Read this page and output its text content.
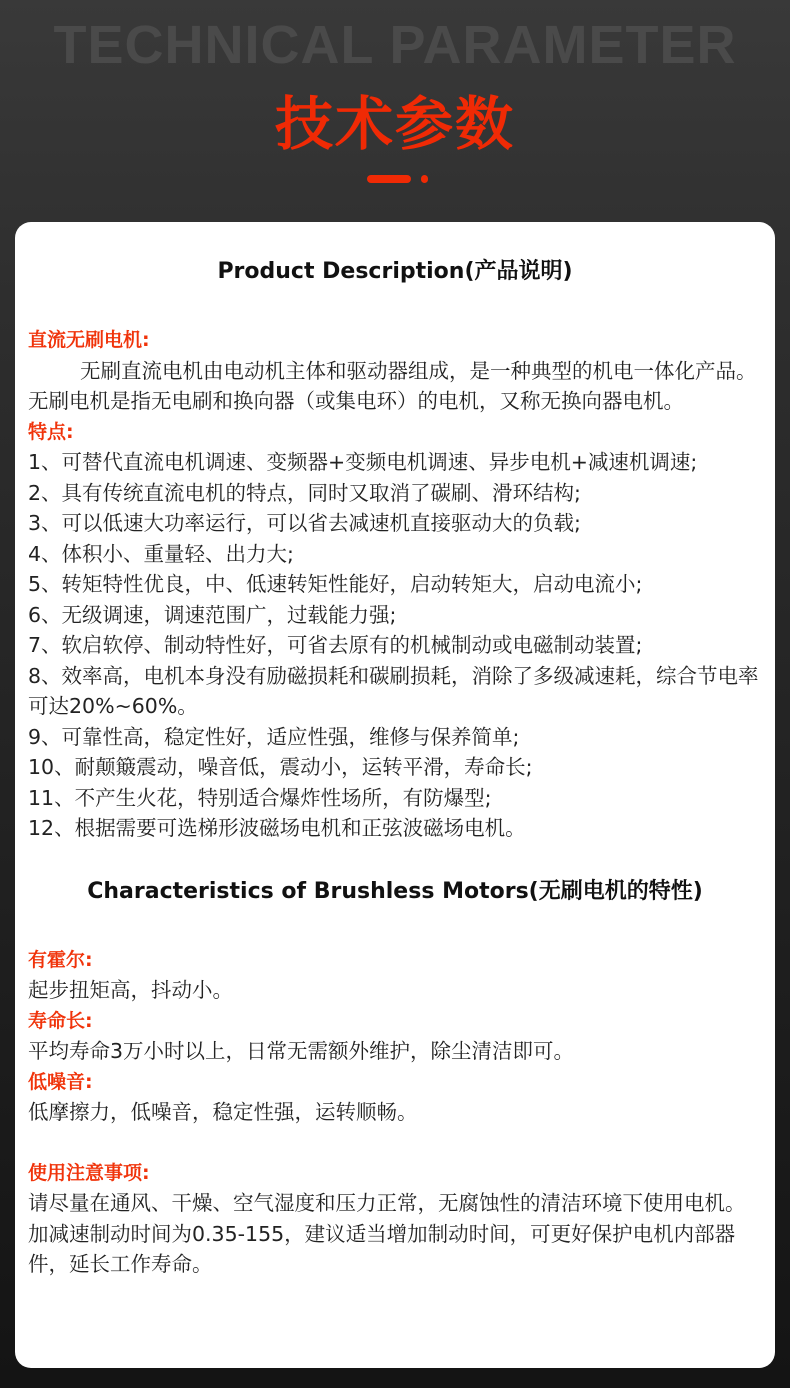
TECHNICAL PARAMETER
技术参数
Product Description(产品说明)
直流无刷电机:

无刷直流电机由电动机主体和驱动器组成，是一种典型的机电一体化产品。 无刷电机是指无电刷和换向器（或集电环）的电机，又称无换向器电机。

特点:
1、可替代直流电机调速、变频器+变频电机调速、异步电机+减速机调速;
2、具有传统直流电机的特点，同时又取消了碳刷、滑环结构;
3、可以低速大功率运行，可以省去减速机直接驱动大的负载;
4、体积小、重量轻、出力大;
5、转矩特性优良，中、低速转矩性能好，启动转矩大，启动电流小;
6、无级调速，调速范围广，过载能力强;
7、软启软停、制动特性好，可省去原有的机械制动或电磁制动装置;
8、效率高，电机本身没有励磁损耗和碳刷损耗，消除了多级减速耗，综合节电率可达20%~60%。
9、可靠性高，稳定性好，适应性强，维修与保养简单;
10、耐颠簸震动，噪音低，震动小，运转平滑，寿命长;
11、不产生火花，特别适合爆炸性场所，有防爆型;
12、根据需要可选梯形波磁场电机和正弦波磁场电机。
Characteristics of Brushless Motors(无刷电机的特性)
有霍尔:

起步扭矩高，抖动小。

寿命长:

平均寿命3万小时以上，日常无需额外维护，除尘清洁即可。

低噪音:

低摩擦力，低噪音，稳定性强，运转顺畅。

使用注意事项:

请尽量在通风、干燥、空气湿度和压力正常，无腐蚀性的清洁环境下使用电机。加减速制动时间为0.35-155，建议适当增加制动时间，可更好保护电机内部器件，延长工作寿命。
